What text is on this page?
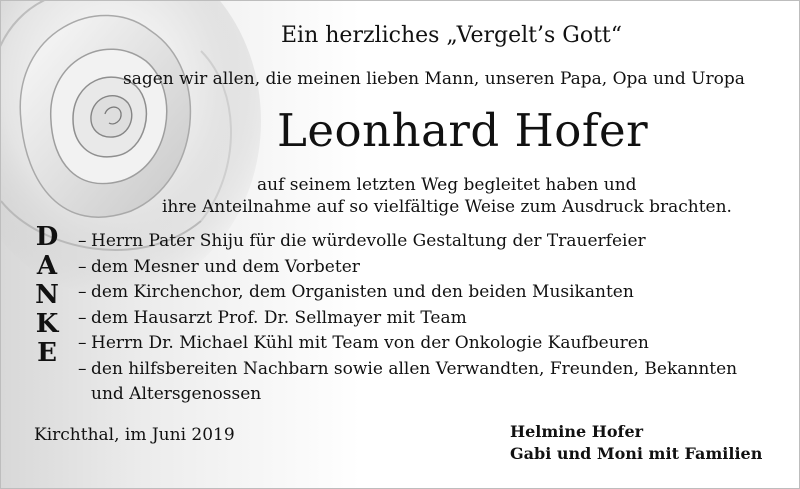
Ein herzliches „Vergelt’s Gott“
sagen wir allen, die meinen lieben Mann, unseren Papa, Opa und Uropa
Leonhard Hofer
auf seinem letzten Weg begleitet haben und
ihre Anteilnahme auf so vielfältige Weise zum Ausdruck brachten.
D
A
N
K
E
– Herrn Pater Shiju für die würdevolle Gestaltung der Trauerfeier
– dem Mesner und dem Vorbeter
– dem Kirchenchor, dem Organisten und den beiden Musikanten
– dem Hausarzt Prof. Dr. Sellmayer mit Team
– Herrn Dr. Michael Kühl mit Team von der Onkologie Kaufbeuren
– den hilfsbereiten Nachbarn sowie allen Verwandten, Freunden, Bekannten
und Altersgenossen
Kirchthal, im Juni 2019	Helmine Hofer
Gabi und Moni mit Familien
